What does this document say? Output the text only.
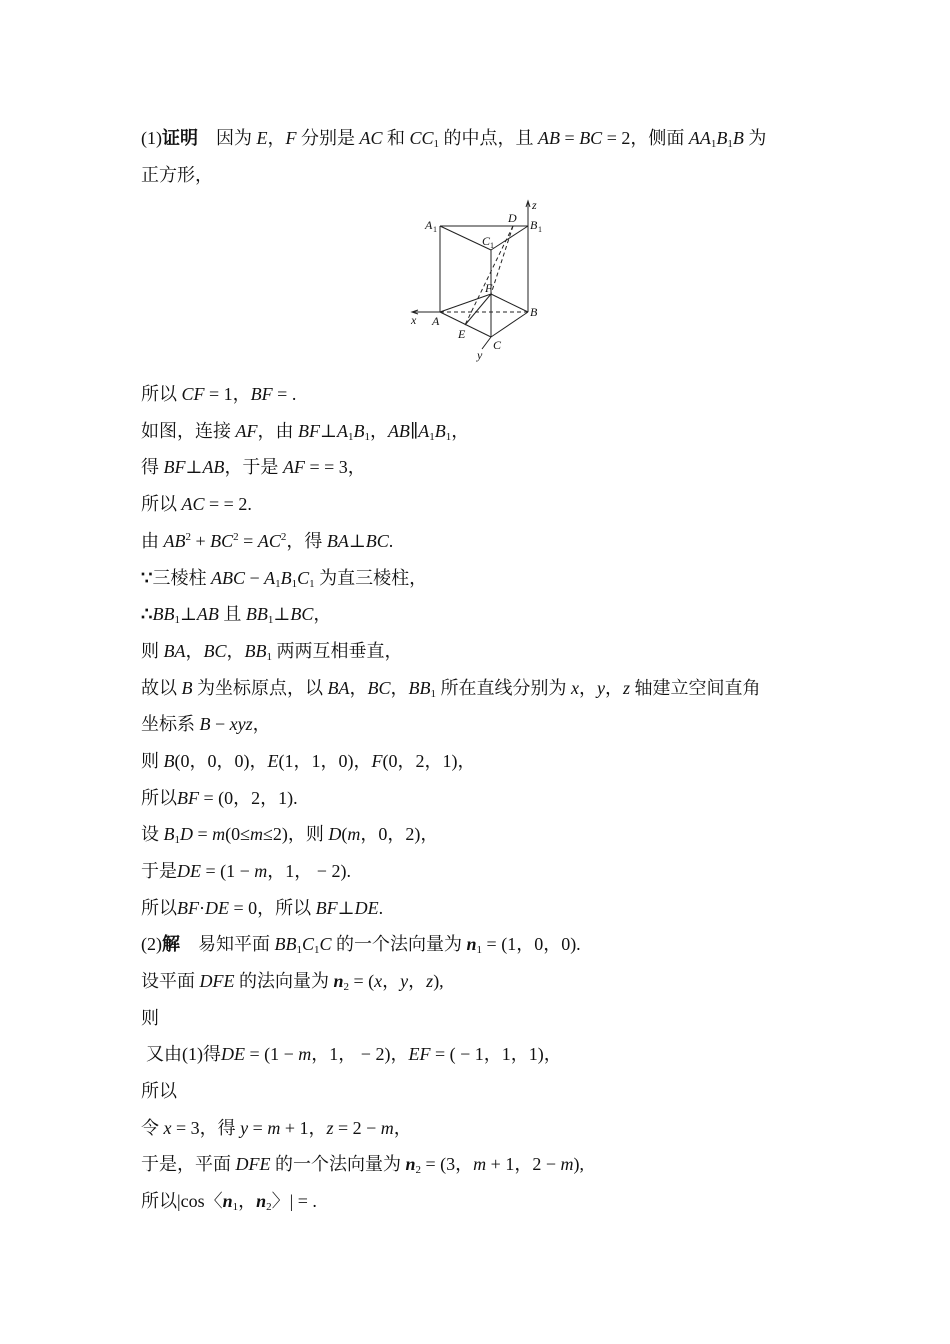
(1)证明　因为 E，F 分别是 AC 和 $CC_1$ 的中点，且 AB = BC = 2，侧面 $AA_1B_1B$ 为
正方形，
A 1	B 1
C 1
D
F
A
B
C
E
x
y
z
所以 CF = 1，BF = .
如图，连接 AF，由 $BF\perp A_1B_1$，$AB\parallel A_1B_1$，
得 BF⊥AB，于是 AF = = 3，
所以 AC = = 2.
由 $AB^2 + BC^2 = AC^2$，得 BA⊥BC.
∵三棱柱 ABC − $A_1B_1C_1$ 为直三棱柱，
$\therefore BB_1\perp AB$ 且 $BB_1\perp BC$，
则 BA，BC，$BB_1$ 两两互相垂直，
故以 B 为坐标原点，以 BA，BC，$BB_1$ 所在直线分别为 x，y，z 轴建立空间直角
坐标系 B − xyz，
则 B(0，0，0)，E(1，1，0)，F(0，2，1)，
所以BF = (0，2，1).
设 $B_1D = m(0\le m\le 2)$，则 D(m，0，2)，
于是DE = (1 − m，1， − 2).
所以BF·DE = 0，所以 BF⊥DE.
(2)解　易知平面 $BB_1C_1C$ 的一个法向量为 $n_1 = (1$，0，0).
设平面 DFE 的法向量为 $n_2 = (x$，y，z),
则
又由(1)得DE = (1 − m，1， − 2)，EF = ( − 1，1，1)，
所以
令 x = 3，得 y = m + 1，z = 2 − m，
于是，平面 DFE 的一个法向量为 $n_2 = (3$，m + 1，2 − m),
所以|cos〈$n_1$，$n_2$〉| = .
